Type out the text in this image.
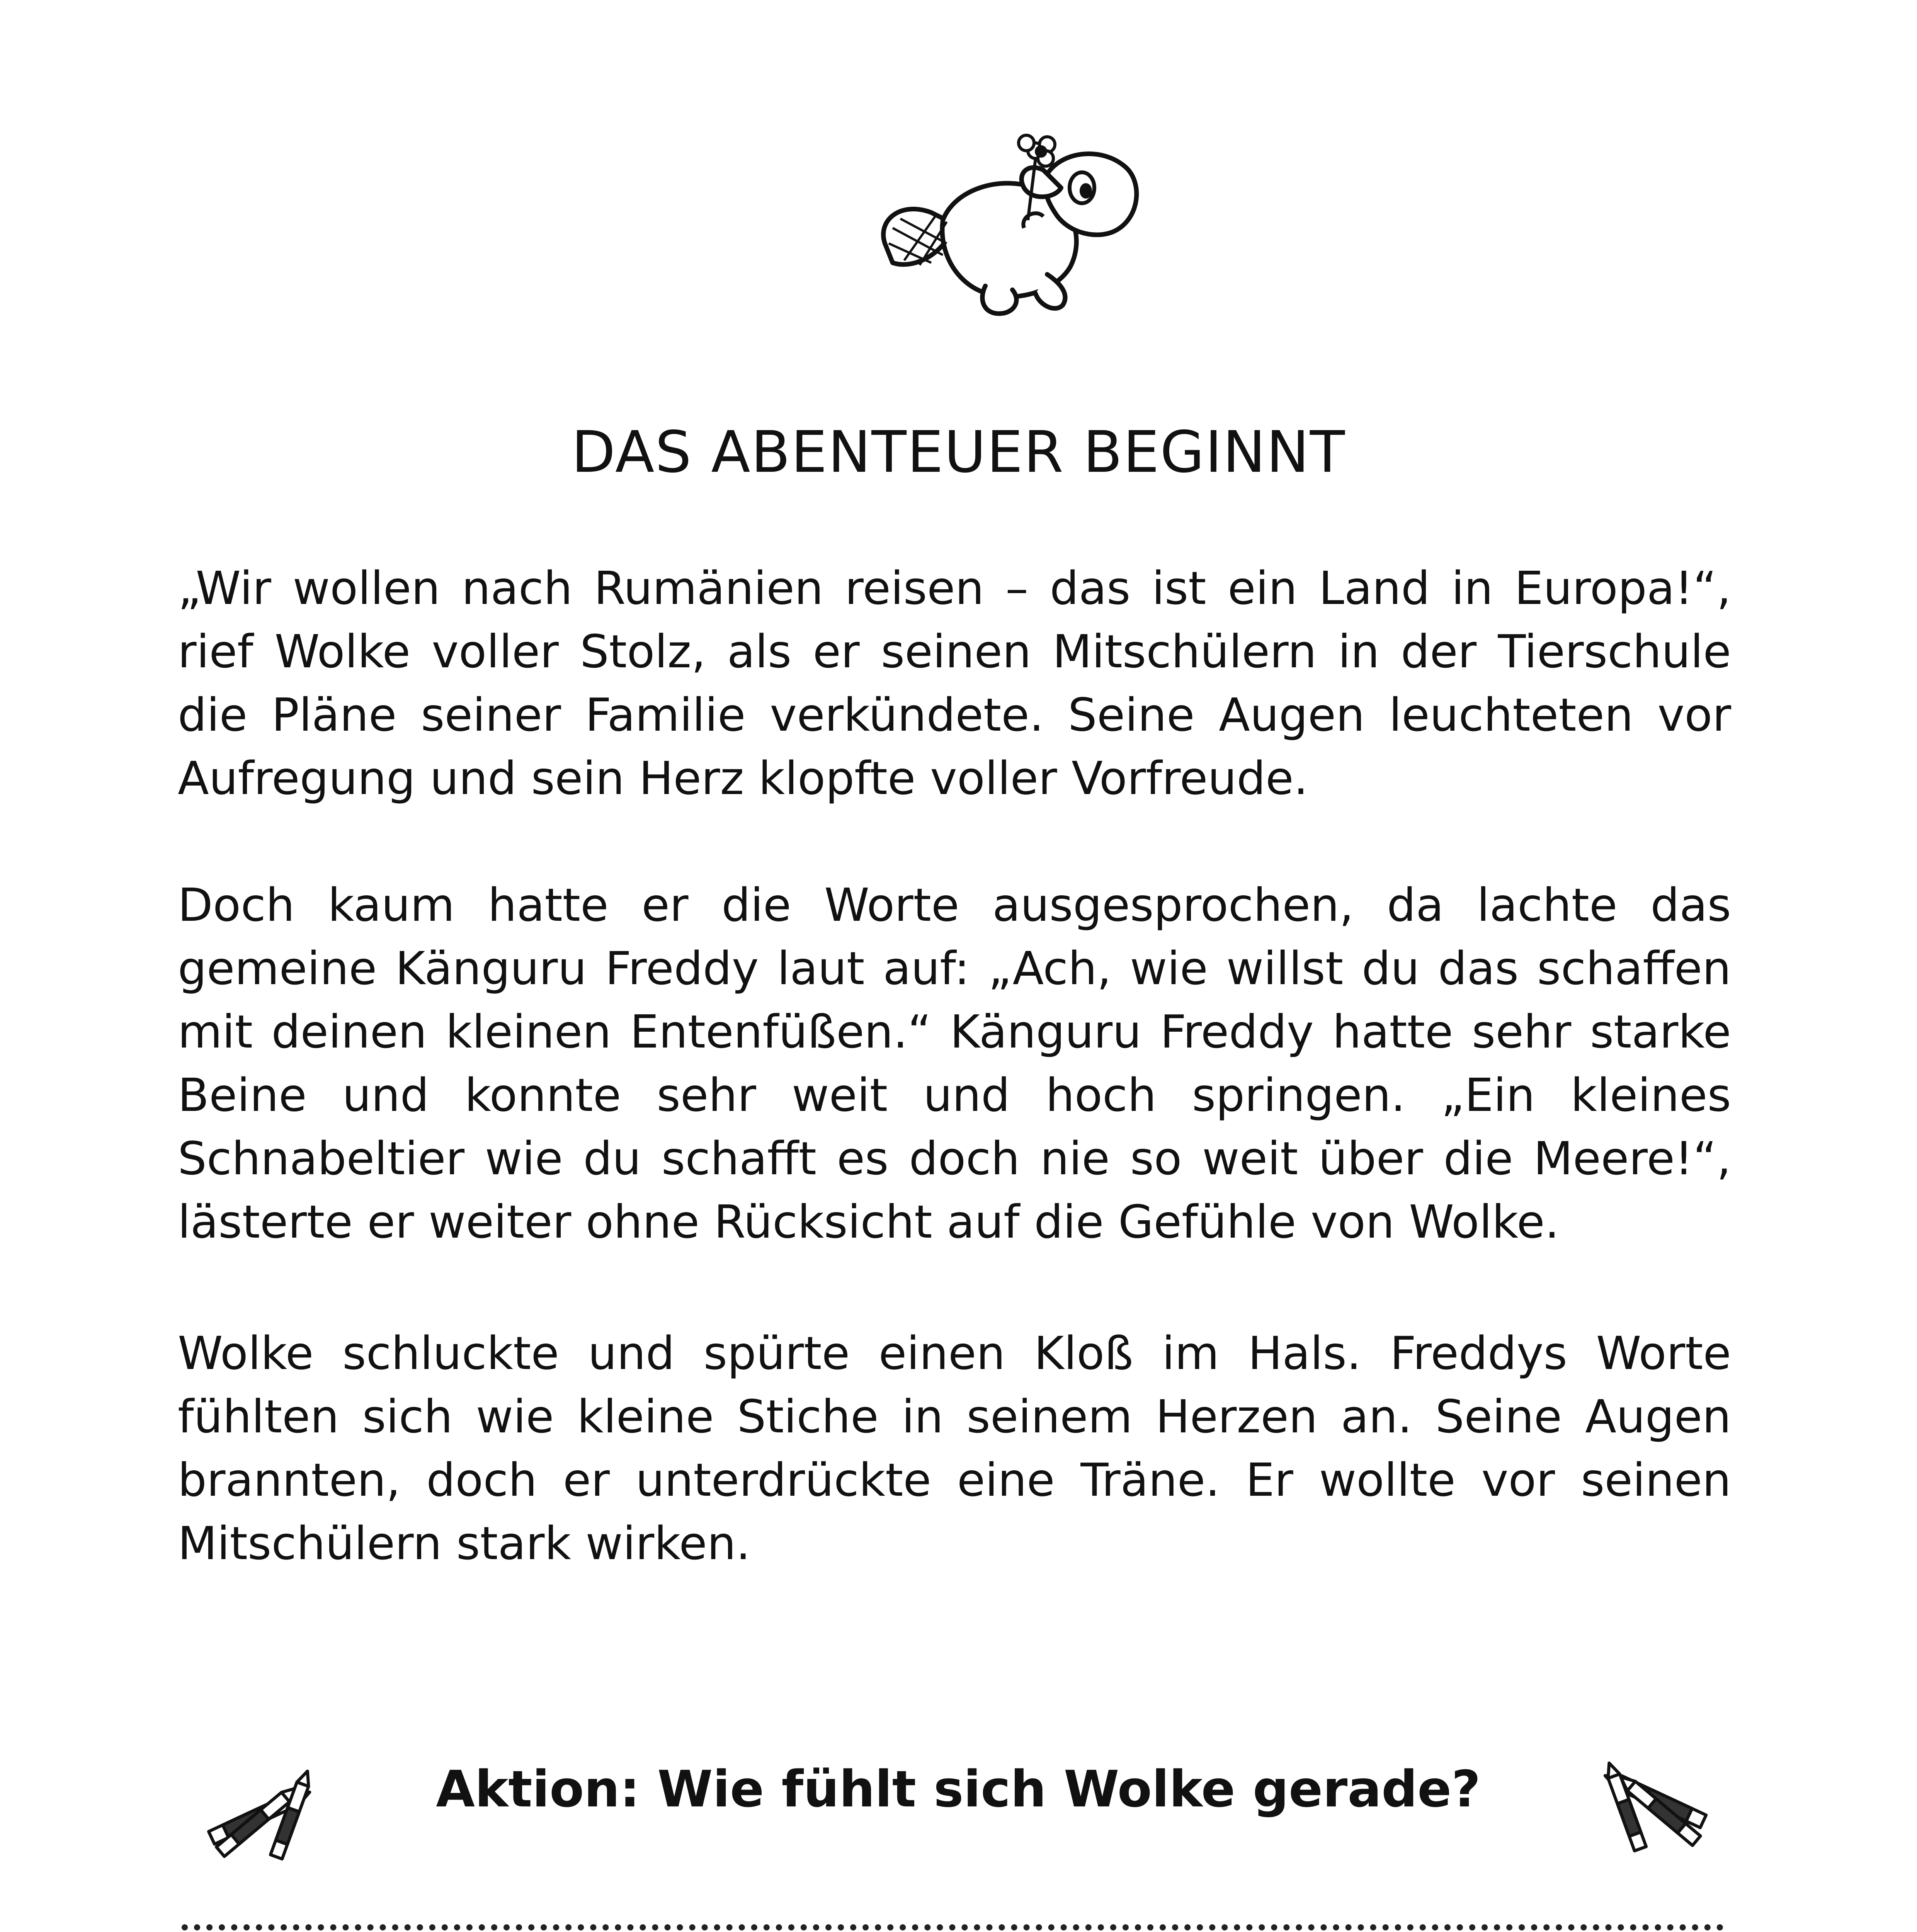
DAS ABENTEUER BEGINNT

„Wir wollen nach Rumänien reisen – das ist ein Land in Europa!“, rief Wolke voller Stolz, als er seinen Mitschülern in der Tierschule die Pläne seiner Familie verkündete. Seine Augen leuchteten vor Aufregung und sein Herz klopfte voller Vorfreude.

Doch kaum hatte er die Worte ausgesprochen, da lachte das gemeine Känguru Freddy laut auf: „Ach, wie willst du das schaffen mit deinen kleinen Entenfüßen.“ Känguru Freddy hatte sehr starke Beine und konnte sehr weit und hoch springen. „Ein kleines Schnabeltier wie du schafft es doch nie so weit über die Meere!“, lästerte er weiter ohne Rücksicht auf die Gefühle von Wolke.

Wolke schluckte und spürte einen Kloß im Hals. Freddys Worte fühlten sich wie kleine Stiche in seinem Herzen an. Seine Augen brannten, doch er unterdrückte eine Träne. Er wollte vor seinen Mitschülern stark wirken.

Aktion: Wie fühlt sich Wolke gerade?
